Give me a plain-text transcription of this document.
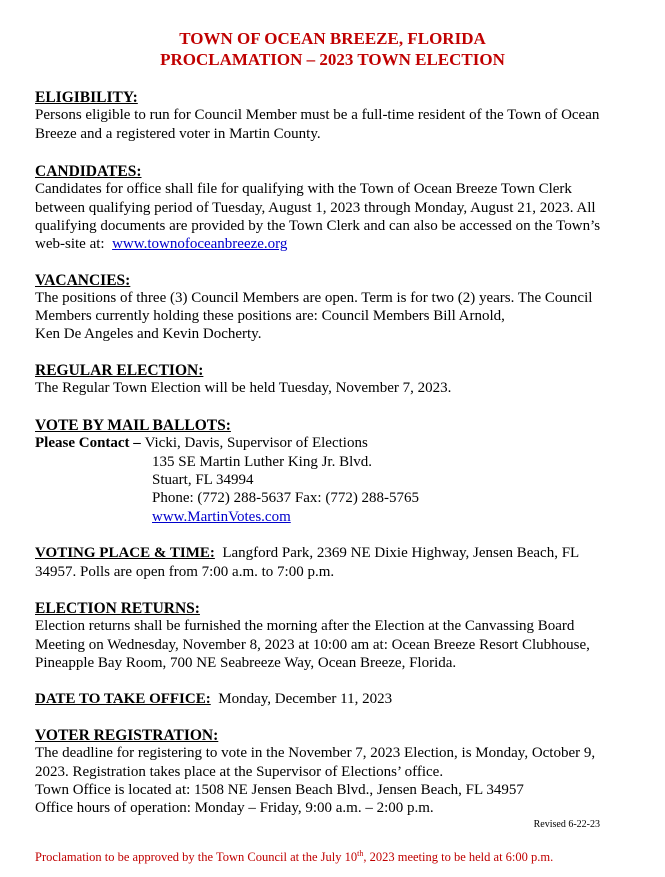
TOWN OF OCEAN BREEZE, FLORIDA
PROCLAMATION – 2023 TOWN ELECTION
ELIGIBILITY:
Persons eligible to run for Council Member must be a full-time resident of the Town of Ocean
Breeze and a registered voter in Martin County.
CANDIDATES:
Candidates for office shall file for qualifying with the Town of Ocean Breeze Town Clerk
between qualifying period of Tuesday, August 1, 2023 through Monday, August 21, 2023. All
qualifying documents are provided by the Town Clerk and can also be accessed on the Town’s
web-site at:  www.townofoceanbreeze.org
VACANCIES:
The positions of three (3) Council Members are open. Term is for two (2) years. The Council
Members currently holding these positions are: Council Members Bill Arnold,
Ken De Angeles and Kevin Docherty.
REGULAR ELECTION:
The Regular Town Election will be held Tuesday, November 7, 2023.
VOTE BY MAIL BALLOTS:
Please Contact – Vicki, Davis, Supervisor of Elections
135 SE Martin Luther King Jr. Blvd.
Stuart, FL 34994
Phone: (772) 288-5637 Fax: (772) 288-5765
www.MartinVotes.com
VOTING PLACE & TIME:  Langford Park, 2369 NE Dixie Highway, Jensen Beach, FL
34957. Polls are open from 7:00 a.m. to 7:00 p.m.
ELECTION RETURNS:
Election returns shall be furnished the morning after the Election at the Canvassing Board
Meeting on Wednesday, November 8, 2023 at 10:00 am at: Ocean Breeze Resort Clubhouse,
Pineapple Bay Room, 700 NE Seabreeze Way, Ocean Breeze, Florida.
DATE TO TAKE OFFICE:  Monday, December 11, 2023
VOTER REGISTRATION:
The deadline for registering to vote in the November 7, 2023 Election, is Monday, October 9,
2023. Registration takes place at the Supervisor of Elections’ office.
Town Office is located at: 1508 NE Jensen Beach Blvd., Jensen Beach, FL 34957
Office hours of operation: Monday – Friday, 9:00 a.m. – 2:00 p.m.
Revised 6-22-23
Proclamation to be approved by the Town Council at the July 10th, 2023 meeting to be held at 6:00 p.m.
